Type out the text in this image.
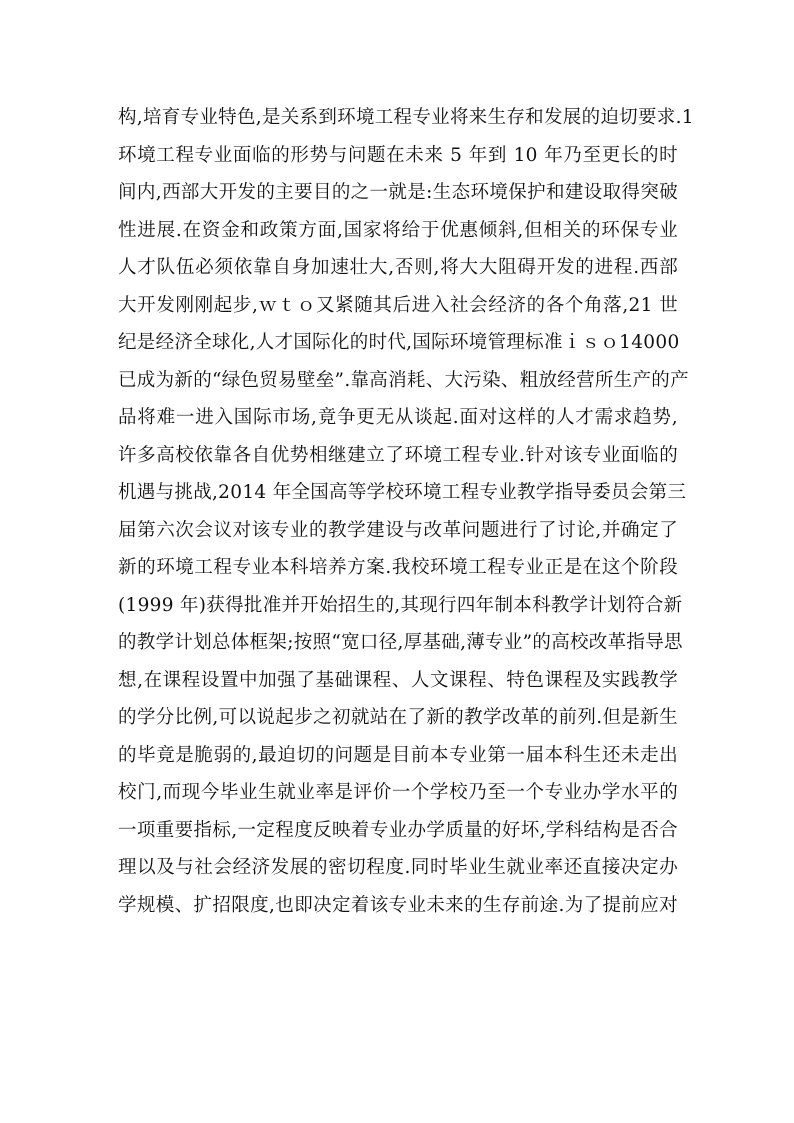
构,培育专业特色,是关系到环境工程专业将来生存和发展的迫切要求.1
环境工程专业面临的形势与问题在未来 5 年到 10 年乃至更长的时
间内,西部大开发的主要目的之一就是:生态环境保护和建设取得突破
性进展.在资金和政策方面,国家将给于优惠倾斜,但相关的环保专业
人才队伍必须依靠自身加速壮大,否则,将大大阻碍开发的进程.西部
大开发刚刚起步,ｗｔｏ又紧随其后进入社会经济的各个角落,21 世
纪是经济全球化,人才国际化的时代,国际环境管理标准ｉｓｏ14000
已成为新的“绿色贸易壁垒”.靠高消耗、大污染、粗放经营所生产的产
品将难一进入国际市场,竟争更无从谈起.面对这样的人才需求趋势,
许多高校依靠各自优势相继建立了环境工程专业.针对该专业面临的
机遇与挑战,2014 年全国高等学校环境工程专业教学指导委员会第三
届第六次会议对该专业的教学建设与改革问题进行了讨论,并确定了
新的环境工程专业本科培养方案.我校环境工程专业正是在这个阶段
(1999 年)获得批准并开始招生的,其现行四年制本科教学计划符合新
的教学计划总体框架;按照“宽口径,厚基础,薄专业”的高校改革指导思
想,在课程设置中加强了基础课程、人文课程、特色课程及实践教学
的学分比例,可以说起步之初就站在了新的教学改革的前列.但是新生
的毕竟是脆弱的,最迫切的问题是目前本专业第一届本科生还未走出
校门,而现今毕业生就业率是评价一个学校乃至一个专业办学水平的
一项重要指标,一定程度反映着专业办学质量的好坏,学科结构是否合
理以及与社会经济发展的密切程度.同时毕业生就业率还直接决定办
学规模、扩招限度,也即决定着该专业未来的生存前途.为了提前应对
